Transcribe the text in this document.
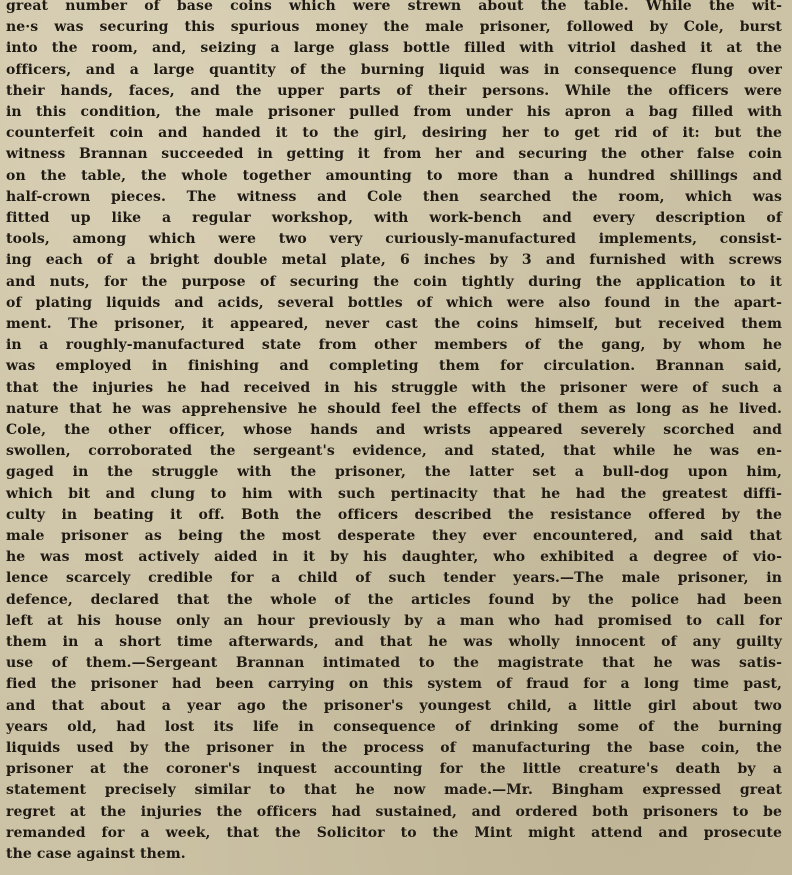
great number of base coins which were strewn about the table. While the wit-
ne·s was securing this spurious money the male prisoner, followed by Cole, burst
into the room, and, seizing a large glass bottle filled with vitriol dashed it at the
officers, and a large quantity of the burning liquid was in consequence flung over
their hands, faces, and the upper parts of their persons. While the officers were
in this condition, the male prisoner pulled from under his apron a bag filled with
counterfeit coin and handed it to the girl, desiring her to get rid of it: but the
witness Brannan succeeded in getting it from her and securing the other false coin
on the table, the whole together amounting to more than a hundred shillings and
half-crown pieces. The witness and Cole then searched the room, which was
fitted up like a regular workshop, with work-bench and every description of
tools, among which were two very curiously-manufactured implements, consist-
ing each of a bright double metal plate, 6 inches by 3 and furnished with screws
and nuts, for the purpose of securing the coin tightly during the application to it
of plating liquids and acids, several bottles of which were also found in the apart-
ment. The prisoner, it appeared, never cast the coins himself, but received them
in a roughly-manufactured state from other members of the gang, by whom he
was employed in finishing and completing them for circulation. Brannan said,
that the injuries he had received in his struggle with the prisoner were of such a
nature that he was apprehensive he should feel the effects of them as long as he lived.
Cole, the other officer, whose hands and wrists appeared severely scorched and
swollen, corroborated the sergeant's evidence, and stated, that while he was en-
gaged in the struggle with the prisoner, the latter set a bull-dog upon him,
which bit and clung to him with such pertinacity that he had the greatest diffi-
culty in beating it off. Both the officers described the resistance offered by the
male prisoner as being the most desperate they ever encountered, and said that
he was most actively aided in it by his daughter, who exhibited a degree of vio-
lence scarcely credible for a child of such tender years.—The male prisoner, in
defence, declared that the whole of the articles found by the police had been
left at his house only an hour previously by a man who had promised to call for
them in a short time afterwards, and that he was wholly innocent of any guilty
use of them.—Sergeant Brannan intimated to the magistrate that he was satis-
fied the prisoner had been carrying on this system of fraud for a long time past,
and that about a year ago the prisoner's youngest child, a little girl about two
years old, had lost its life in consequence of drinking some of the burning
liquids used by the prisoner in the process of manufacturing the base coin, the
prisoner at the coroner's inquest accounting for the little creature's death by a
statement precisely similar to that he now made.—Mr. Bingham expressed great
regret at the injuries the officers had sustained, and ordered both prisoners to be
remanded for a week, that the Solicitor to the Mint might attend and prosecute
the case against them.
